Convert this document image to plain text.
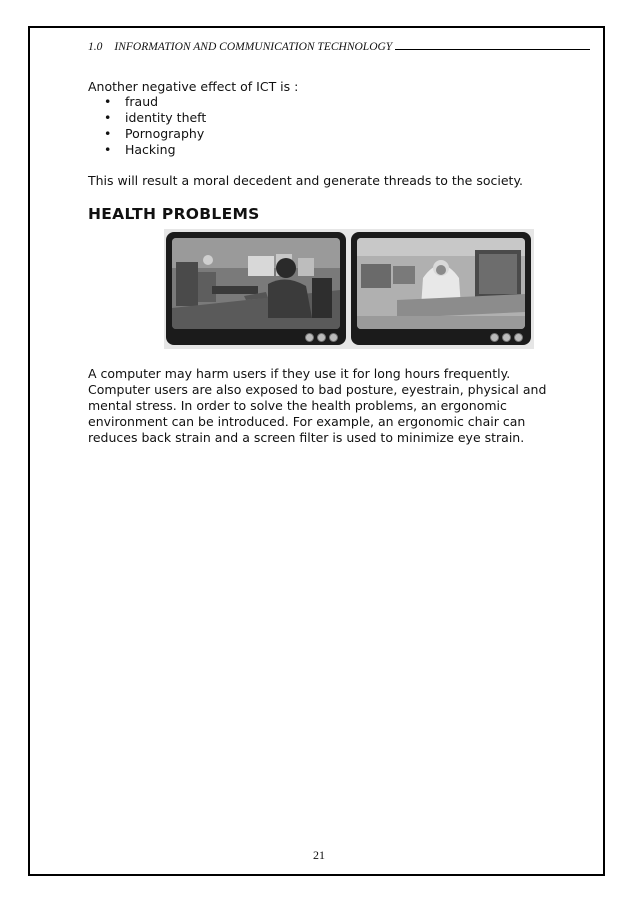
1.0 INFORMATION AND COMMUNICATION TECHNOLOGY
Another negative effect of ICT is :
• fraud
• identity theft
• Pornography
• Hacking
This will result a moral decedent and generate threads to the society.
HEALTH PROBLEMS
A computer may harm users if they use it for long hours frequently.
Computer users are also exposed to bad posture, eyestrain, physical and
mental stress. In order to solve the health problems, an ergonomic
environment can be introduced. For example, an ergonomic chair can
reduces back strain and a screen filter is used to minimize eye strain.
21
